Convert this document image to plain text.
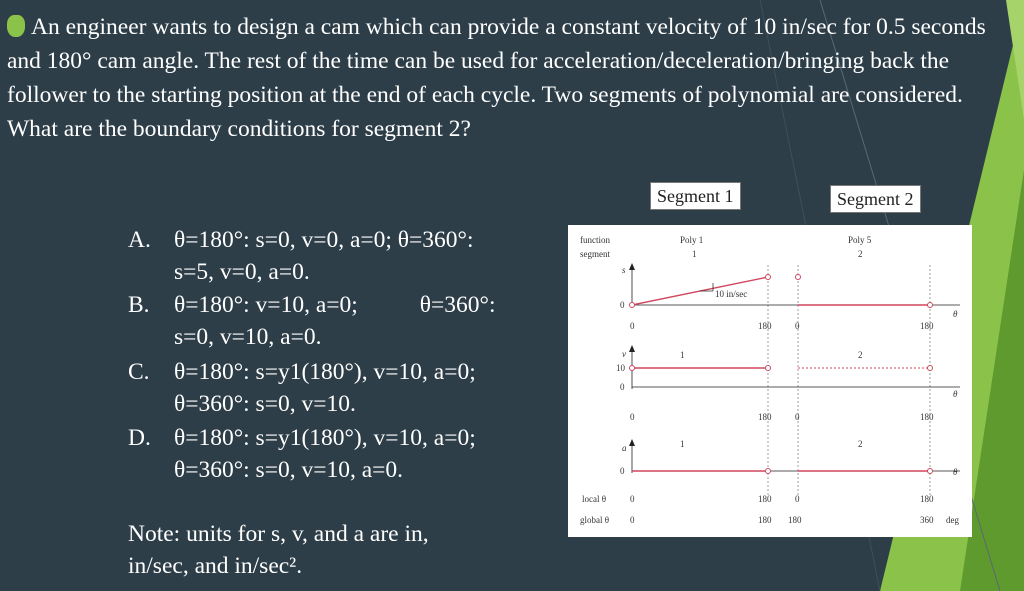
An engineer wants to design a cam which can provide a constant velocity of 10 in/sec for 0.5 seconds and 180° cam angle. The rest of the time can be used for acceleration/deceleration/bringing back the follower to the starting position at the end of each cycle. Two segments of polynomial are considered. What are the boundary conditions for segment 2?
A. θ=180°: s=0, v=0, a=0; θ=360°:
s=5, v=0, a=0.
B. θ=180°: v=10, a=0;	θ=360°:
s=0, v=10, a=0.
C. θ=180°: s=y1(180°), v=10, a=0;
θ=360°: s=0, v=10.
D. θ=180°: s=y1(180°), v=10, a=0;
θ=360°: s=0, v=10, a=0.
Note: units for s, v, and a are in,
in/sec, and in/sec².
Segment 1	Segment 2
function
segment
Poly 1
1
Poly 5
2
s
0
10 in/sec
θ
0	180	0	180
v
10
0
1	2
θ
0	180	0	180
a
0
1	2
θ
local θ	0	180	0	180
global θ 0	180 180	360 deg
